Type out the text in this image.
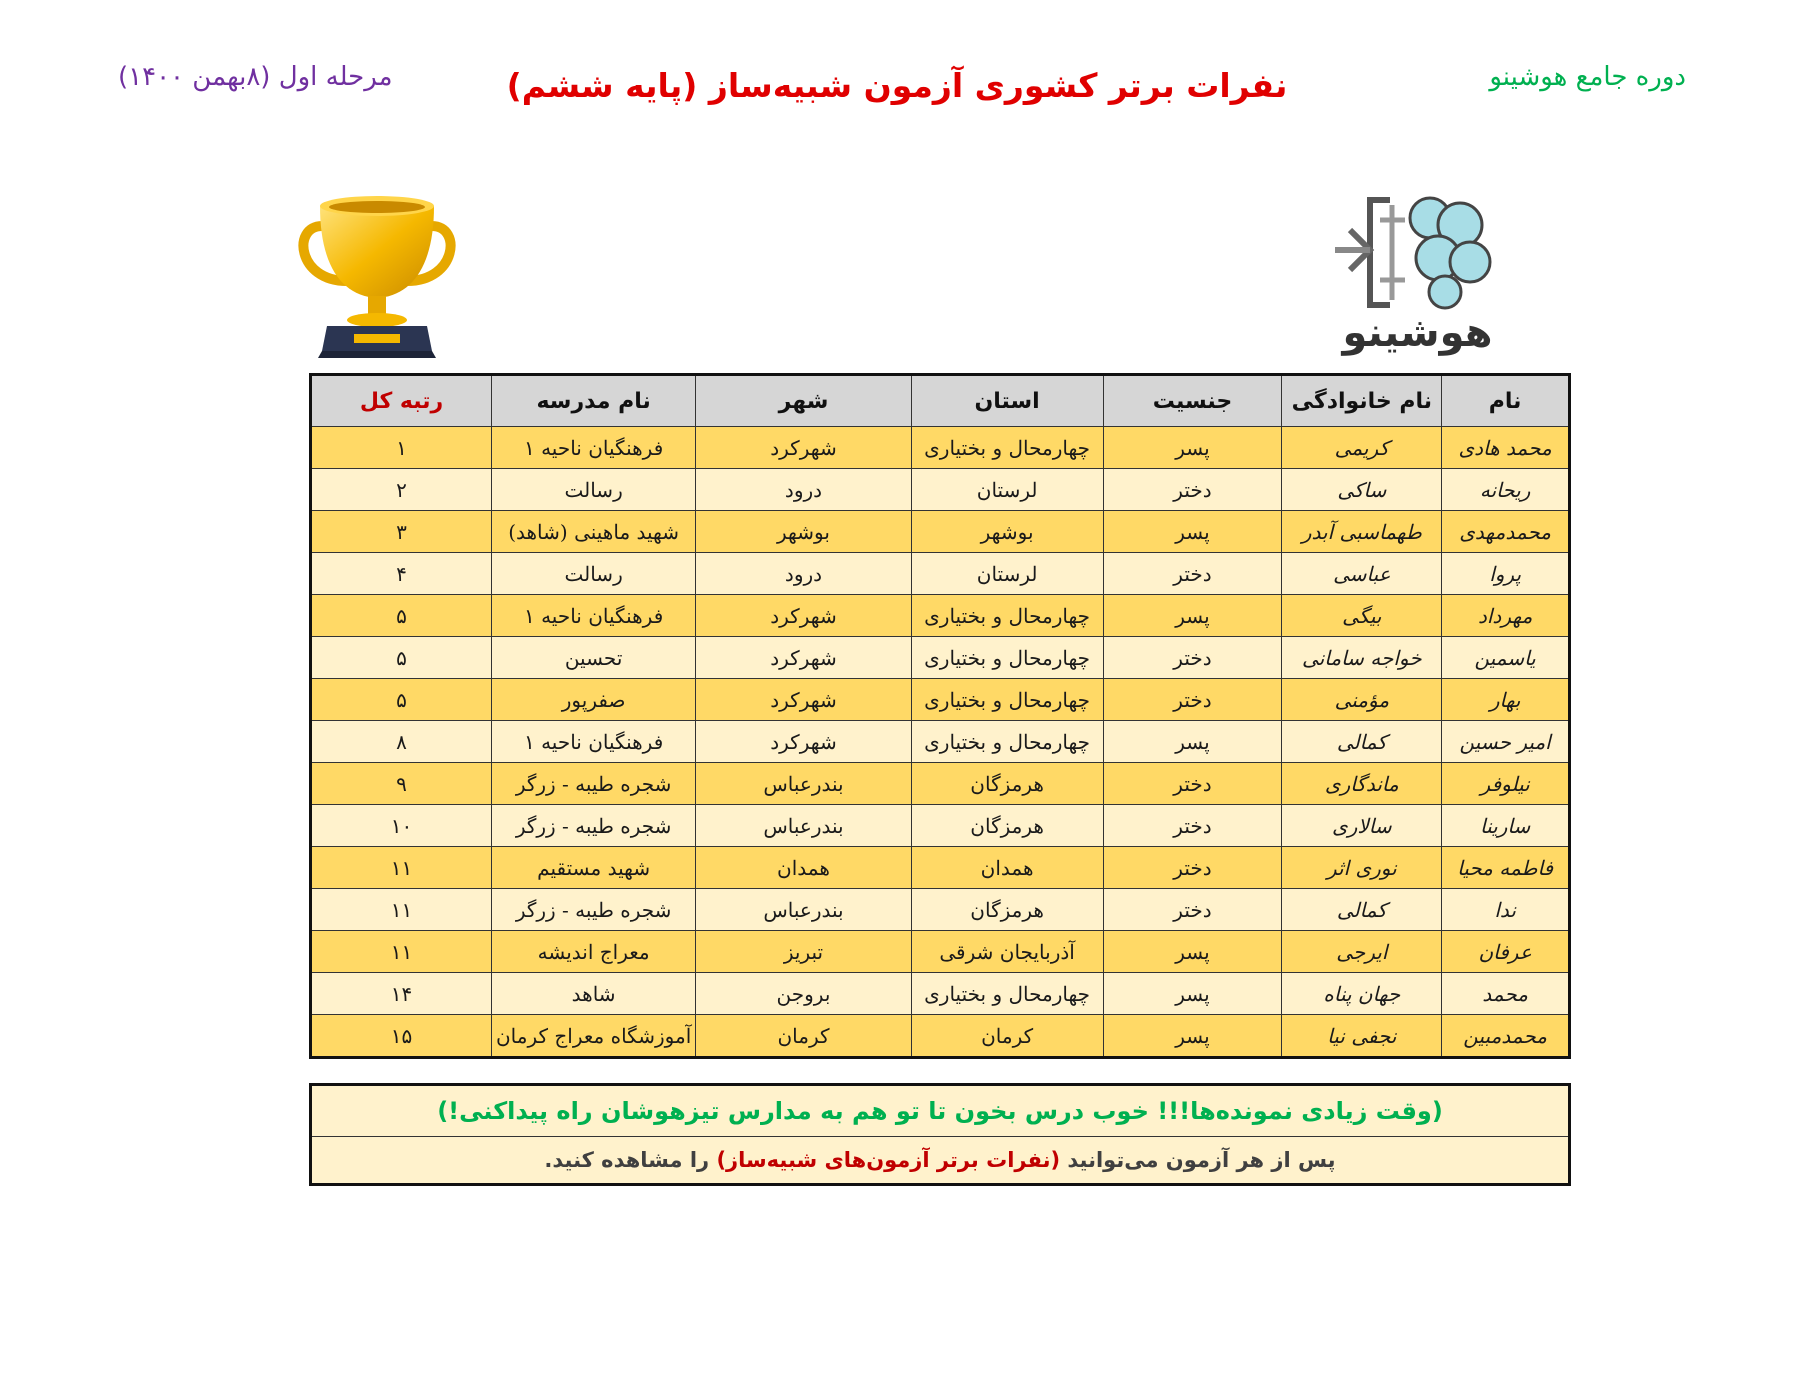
مرحله اول (۸بهمن ۱۴۰۰)	نفرات برتر کشوری آزمون شبیه‌ساز (پایه ششم)	دوره جامع هوشینو
هوشینو
نام	نام خانوادگی	جنسیت	استان	شهر	نام مدرسه	رتبه کل
محمد هادی	کریمی	پسر	چهارمحال و بختیاری	شهرکرد	فرهنگیان ناحیه ۱	۱
ریحانه	ساکی	دختر	لرستان	درود	رسالت	۲
محمدمهدی	طهماسبی آبدر	پسر	بوشهر	بوشهر	شهید ماهینی (شاهد)	۳
پروا	عباسی	دختر	لرستان	درود	رسالت	۴
مهرداد	بیگی	پسر	چهارمحال و بختیاری	شهرکرد	فرهنگیان ناحیه ۱	۵
یاسمین	خواجه سامانی	دختر	چهارمحال و بختیاری	شهرکرد	تحسین	۵
بهار	مؤمنی	دختر	چهارمحال و بختیاری	شهرکرد	صفرپور	۵
امیر حسین	کمالی	پسر	چهارمحال و بختیاری	شهرکرد	فرهنگیان ناحیه ۱	۸
نیلوفر	ماندگاری	دختر	هرمزگان	بندرعباس	شجره طیبه - زرگر	۹
سارینا	سالاری	دختر	هرمزگان	بندرعباس	شجره طیبه - زرگر	۱۰
فاطمه محیا	نوری اثر	دختر	همدان	همدان	شهید مستقیم	۱۱
ندا	کمالی	دختر	هرمزگان	بندرعباس	شجره طیبه - زرگر	۱۱
عرفان	ایرجی	پسر	آذربایجان شرقی	تبریز	معراج اندیشه	۱۱
محمد	جهان پناه	پسر	چهارمحال و بختیاری	بروجن	شاهد	۱۴
محمدمبین	نجفی نیا	پسر	کرمان	کرمان	آموزشگاه معراج کرمان	۱۵
(وقت زیادی نمونده‌ها!!! خوب درس بخون تا تو هم به مدارس تیزهوشان راه پیداکنی!)
پس از هر آزمون می‌توانید (نفرات برتر آزمون‌های شبیه‌ساز) را مشاهده کنید.
